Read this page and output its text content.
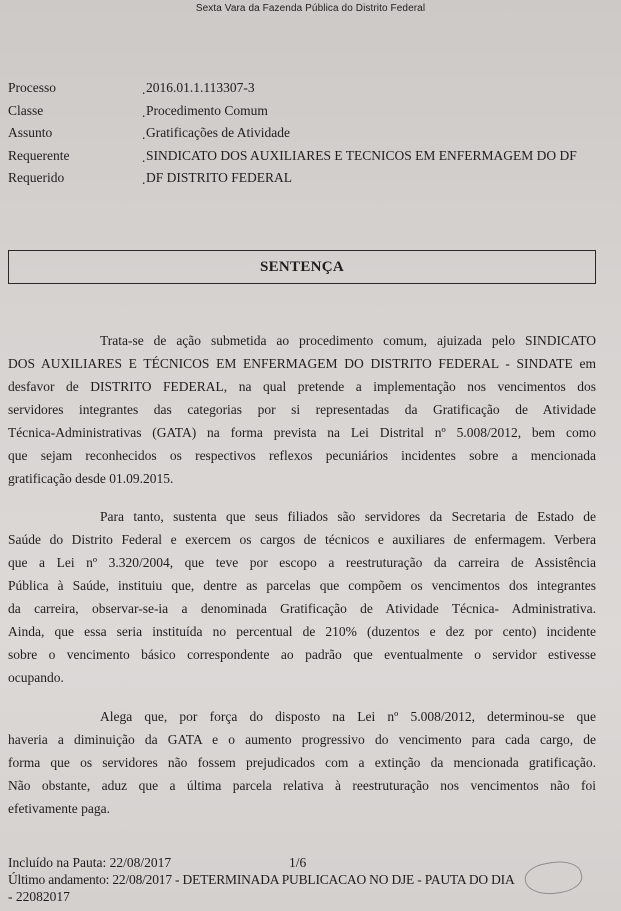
Sexta Vara da Fazenda Pública do Distrito Federal
Processo	. 2016.01.1.113307-3
Classe	. Procedimento Comum
Assunto	. Gratificações de Atividade
Requerente	. SINDICATO DOS AUXILIARES E TECNICOS EM ENFERMAGEM DO DF
Requerido	. DF DISTRITO FEDERAL
SENTENÇA
Trata-se de ação submetida ao procedimento comum, ajuizada pelo SINDICATO
DOS AUXILIARES E TÉCNICOS EM ENFERMAGEM DO DISTRITO FEDERAL - SINDATE em
desfavor de DISTRITO FEDERAL, na qual pretende a implementação nos vencimentos dos
servidores integrantes das categorias por si representadas da Gratificação de Atividade
Técnica-Administrativas (GATA) na forma prevista na Lei Distrital nº 5.008/2012, bem como
que sejam reconhecidos os respectivos reflexos pecuniários incidentes sobre a mencionada
gratificação desde 01.09.2015.
Para tanto, sustenta que seus filiados são servidores da Secretaria de Estado de
Saúde do Distrito Federal e exercem os cargos de técnicos e auxiliares de enfermagem. Verbera
que a Lei nº 3.320/2004, que teve por escopo a reestruturação da carreira de Assistência
Pública à Saúde, instituiu que, dentre as parcelas que compõem os vencimentos dos integrantes
da carreira, observar-se-ia a denominada Gratificação de Atividade Técnica- Administrativa.
Ainda, que essa seria instituída no percentual de 210% (duzentos e dez por cento) incidente
sobre o vencimento básico correspondente ao padrão que eventualmente o servidor estivesse
ocupando.
Alega que, por força do disposto na Lei nº 5.008/2012, determinou-se que
haveria a diminuição da GATA e o aumento progressivo do vencimento para cada cargo, de
forma que os servidores não fossem prejudicados com a extinção da mencionada gratificação.
Não obstante, aduz que a última parcela relativa à reestruturação nos vencimentos não foi
efetivamente paga.
Incluído na Pauta: 22/08/2017	1/6
Último andamento: 22/08/2017 - DETERMINADA PUBLICACAO NO DJE - PAUTA DO DIA
- 22082017
